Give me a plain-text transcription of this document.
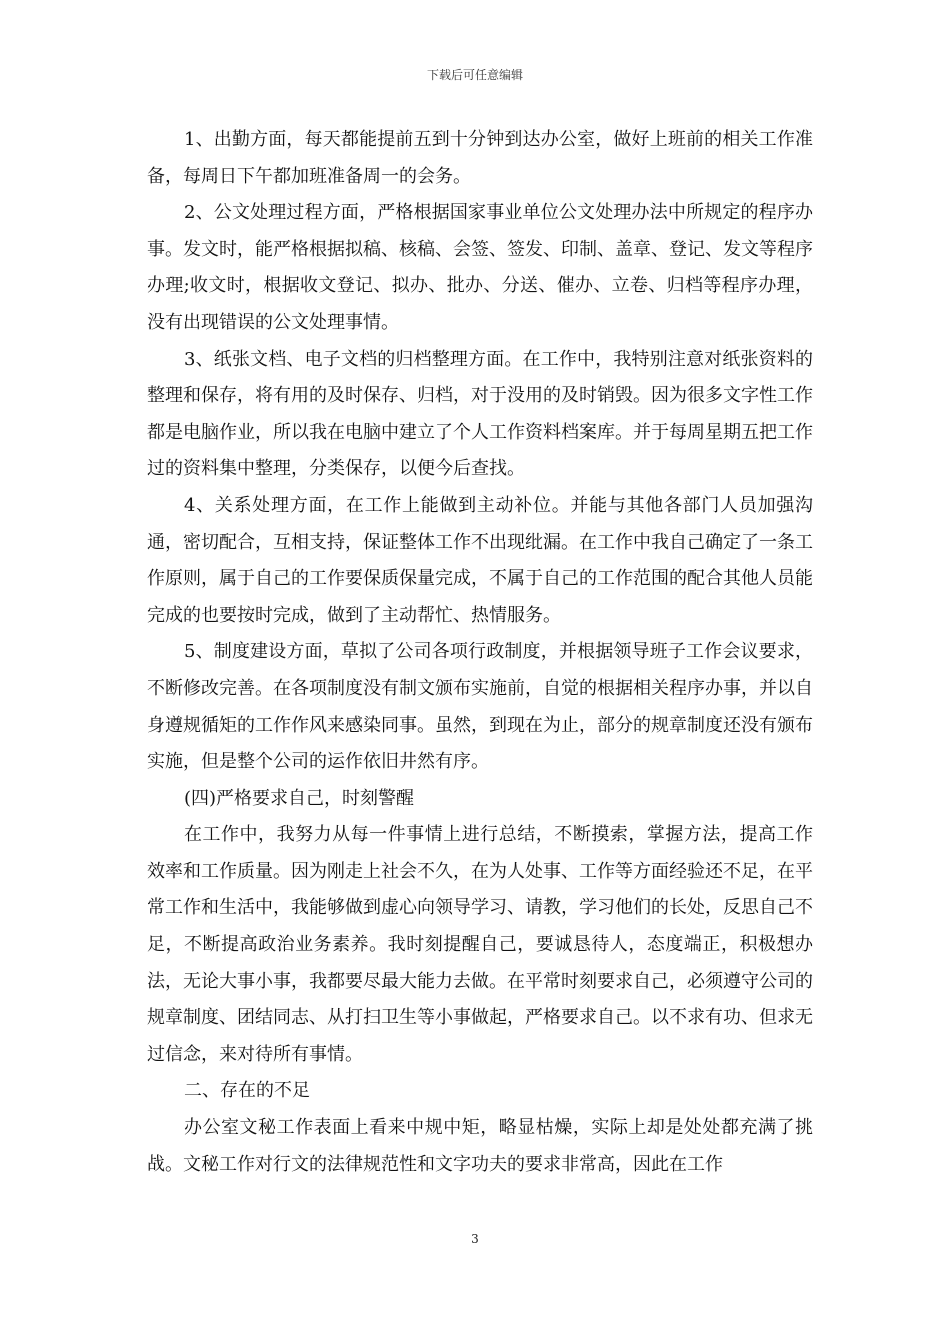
下载后可任意编辑

1、出勤方面，每天都能提前五到十分钟到达办公室，做好上班前的相关工作准备，每周日下午都加班准备周一的会务。

2、公文处理过程方面，严格根据国家事业单位公文处理办法中所规定的程序办事。发文时，能严格根据拟稿、核稿、会签、签发、印制、盖章、登记、发文等程序办理;收文时，根据收文登记、拟办、批办、分送、催办、立卷、归档等程序办理，没有出现错误的公文处理事情。

3、纸张文档、电子文档的归档整理方面。在工作中，我特别注意对纸张资料的整理和保存，将有用的及时保存、归档，对于没用的及时销毁。因为很多文字性工作都是电脑作业，所以我在电脑中建立了个人工作资料档案库。并于每周星期五把工作过的资料集中整理，分类保存，以便今后查找。

4、关系处理方面，在工作上能做到主动补位。并能与其他各部门人员加强沟通，密切配合，互相支持，保证整体工作不出现纰漏。在工作中我自己确定了一条工作原则，属于自己的工作要保质保量完成，不属于自己的工作范围的配合其他人员能完成的也要按时完成，做到了主动帮忙、热情服务。

5、制度建设方面，草拟了公司各项行政制度，并根据领导班子工作会议要求，不断修改完善。在各项制度没有制文颁布实施前，自觉的根据相关程序办事，并以自身遵规循矩的工作作风来感染同事。虽然，到现在为止，部分的规章制度还没有颁布实施，但是整个公司的运作依旧井然有序。

(四)严格要求自己，时刻警醒

在工作中，我努力从每一件事情上进行总结，不断摸索，掌握方法，提高工作效率和工作质量。因为刚走上社会不久，在为人处事、工作等方面经验还不足，在平常工作和生活中，我能够做到虚心向领导学习、请教，学习他们的长处，反思自己不足，不断提高政治业务素养。我时刻提醒自己，要诚恳待人，态度端正，积极想办法，无论大事小事，我都要尽最大能力去做。在平常时刻要求自己，必须遵守公司的规章制度、团结同志、从打扫卫生等小事做起，严格要求自己。以不求有功、但求无过信念，来对待所有事情。

二、存在的不足

办公室文秘工作表面上看来中规中矩，略显枯燥，实际上却是处处都充满了挑战。文秘工作对行文的法律规范性和文字功夫的要求非常高，因此在工作

3
